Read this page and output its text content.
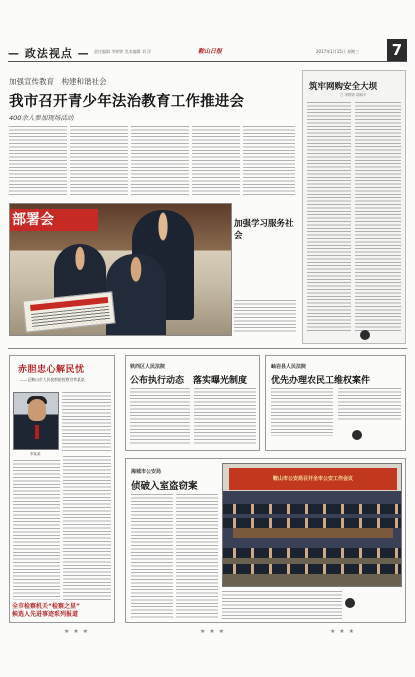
— 政法视点 — 责任编辑 李婷婷 美术编辑 刘 洋	鞍山日报	2017年1月15日 星期三	7
加强宣传教育　构建和谐社会
我市召开青少年法治教育工作推进会
400余人参加现场活动
筑牢网购安全大坝
□ 李婷婷 胡和平
部署会	加强学习服务社会
赤胆忠心解民忧
——记鞍山市人民检察院检察官李某某
李某某
全市检察机关“检察之星”
候选人先进事迹系列报道
铁西区人民法院
公布执行动态　落实曝光制度
岫岩县人民法院
优先办理农民工维权案件
海城市公安局
侦破入室盗窃案
鞍山市公安局召开全市公安工作会议
★ ★ ★	★ ★ ★	★ ★ ★
